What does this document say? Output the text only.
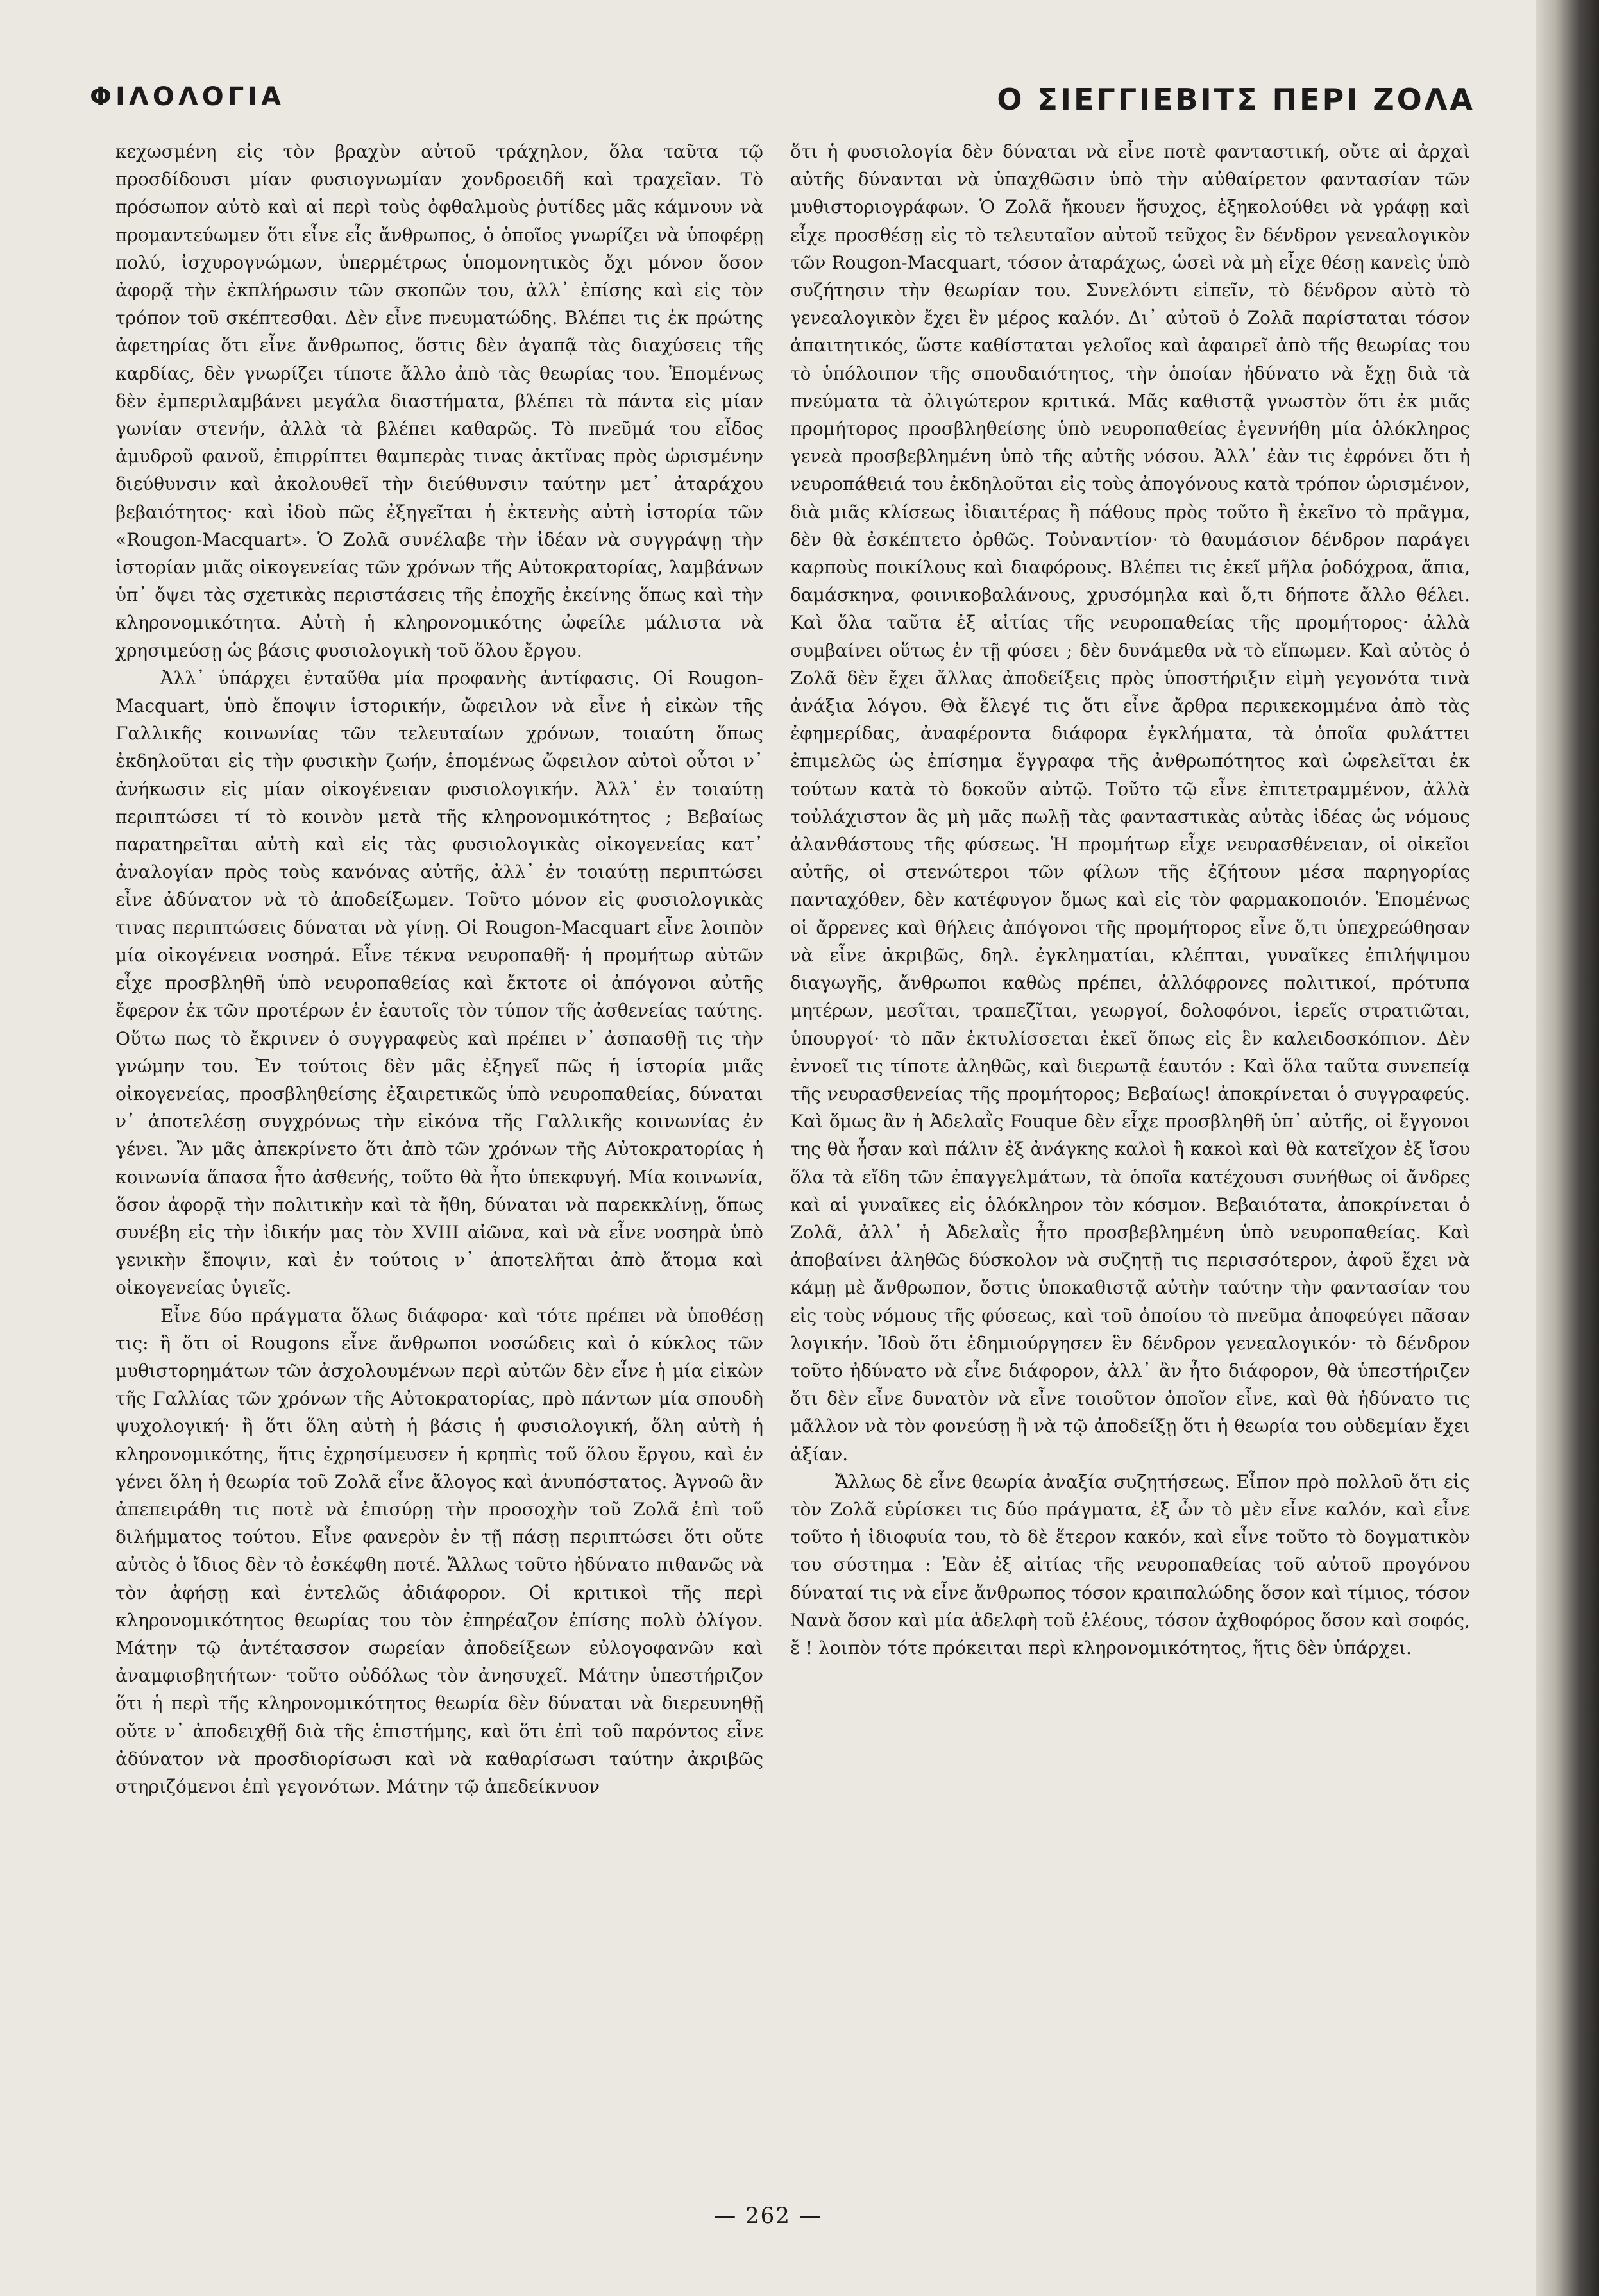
ΦΙΛΟΛΟΓΙΑ	Ο ΣΙΕΓΓΙΕΒΙΤΣ ΠΕΡΙ ΖΟΛΑ

κεχωσμένη εἰς τὸν βραχὺν αὐτοῦ τράχηλον, ὅλα ταῦτα τῷ προσδίδουσι μίαν φυσιογνωμίαν χονδροειδῆ καὶ τραχεῖαν. Τὸ πρόσωπον αὐτὸ καὶ αἱ περὶ τοὺς ὀφθαλμοὺς ῥυτίδες μᾶς κάμνουν νὰ προμαντεύωμεν ὅτι εἶνε εἷς ἄνθρωπος, ὁ ὁποῖος γνωρίζει νὰ ὑποφέρῃ πολύ, ἰσχυρογνώμων, ὑπερμέτρως ὑπομονητικὸς ὄχι μόνον ὅσον ἀφορᾷ τὴν ἐκπλήρωσιν τῶν σκοπῶν του, ἀλλ᾽ ἐπίσης καὶ εἰς τὸν τρόπον τοῦ σκέπτεσθαι. Δὲν εἶνε πνευματώδης. Βλέπει τις ἐκ πρώτης ἀφετηρίας ὅτι εἶνε ἄνθρωπος, ὅστις δὲν ἀγαπᾷ τὰς διαχύσεις τῆς καρδίας, δὲν γνωρίζει τίποτε ἄλλο ἀπὸ τὰς θεωρίας του. Ἑπομένως δὲν ἐμπεριλαμβάνει μεγάλα διαστήματα, βλέπει τὰ πάντα εἰς μίαν γωνίαν στενήν, ἀλλὰ τὰ βλέπει καθαρῶς. Τὸ πνεῦμά του εἶδος ἀμυδροῦ φανοῦ, ἐπιρρίπτει θαμπερὰς τινας ἀκτῖνας πρὸς ὡρισμένην διεύθυνσιν καὶ ἀκολουθεῖ τὴν διεύθυνσιν ταύτην μετ᾽ ἀταράχου βεβαιότητος· καὶ ἰδοὺ πῶς ἐξηγεῖται ἡ ἐκτενὴς αὐτὴ ἱστορία τῶν «Rougon-Macquart». Ὁ Ζολᾶ συνέλαβε τὴν ἰδέαν νὰ συγγράψῃ τὴν ἱστορίαν μιᾶς οἰκογενείας τῶν χρόνων τῆς Αὐτοκρατορίας, λαμβάνων ὑπ᾽ ὄψει τὰς σχετικὰς περιστάσεις τῆς ἐποχῆς ἐκείνης ὅπως καὶ τὴν κληρονομικότητα. Αὐτὴ ἡ κληρονομικότης ὠφείλε μάλιστα νὰ χρησιμεύσῃ ὡς βάσις φυσιολογικὴ τοῦ ὅλου ἔργου.

Ἀλλ᾽ ὑπάρχει ἐνταῦθα μία προφανὴς ἀντίφασις. Οἱ Rougon-Macquart, ὑπὸ ἔποψιν ἱστορικήν, ὤφειλον νὰ εἶνε ἡ εἰκὼν τῆς Γαλλικῆς κοινωνίας τῶν τελευταίων χρόνων, τοιαύτη ὅπως ἐκδηλοῦται εἰς τὴν φυσικὴν ζωήν, ἑπομένως ὤφειλον αὐτοὶ οὗτοι ν᾽ ἀνήκωσιν εἰς μίαν οἰκογένειαν φυσιολογικήν. Ἀλλ᾽ ἐν τοιαύτῃ περιπτώσει τί τὸ κοινὸν μετὰ τῆς κληρονομικότητος ; Βεβαίως παρατηρεῖται αὐτὴ καὶ εἰς τὰς φυσιολογικὰς οἰκογενείας κατ᾽ ἀναλογίαν πρὸς τοὺς κανόνας αὐτῆς, ἀλλ᾽ ἐν τοιαύτῃ περιπτώσει εἶνε ἀδύνατον νὰ τὸ ἀποδείξωμεν. Τοῦτο μόνον εἰς φυσιολογικὰς τινας περιπτώσεις δύναται νὰ γίνῃ. Οἱ Rougon-Macquart εἶνε λοιπὸν μία οἰκογένεια νοσηρά. Εἶνε τέκνα νευροπαθῆ· ἡ προμήτωρ αὐτῶν εἶχε προσβληθῆ ὑπὸ νευροπαθείας καὶ ἔκτοτε οἱ ἀπόγονοι αὐτῆς ἔφερον ἐκ τῶν προτέρων ἐν ἑαυτοῖς τὸν τύπον τῆς ἀσθενείας ταύτης. Οὕτω πως τὸ ἔκρινεν ὁ συγγραφεὺς καὶ πρέπει ν᾽ ἀσπασθῇ τις τὴν γνώμην του. Ἐν τούτοις δὲν μᾶς ἐξηγεῖ πῶς ἡ ἱστορία μιᾶς οἰκογενείας, προσβληθείσης ἐξαιρετικῶς ὑπὸ νευροπαθείας, δύναται ν᾽ ἀποτελέσῃ συγχρόνως τὴν εἰκόνα τῆς Γαλλικῆς κοινωνίας ἐν γένει. Ἂν μᾶς ἀπεκρίνετο ὅτι ἀπὸ τῶν χρόνων τῆς Αὐτοκρατορίας ἡ κοινωνία ἅπασα ἦτο ἀσθενής, τοῦτο θὰ ἦτο ὑπεκφυγή. Μία κοινωνία, ὅσον ἀφορᾷ τὴν πολιτικὴν καὶ τὰ ἤθη, δύναται νὰ παρεκκλίνῃ, ὅπως συνέβη εἰς τὴν ἰδικήν μας τὸν XVIII αἰῶνα, καὶ νὰ εἶνε νοσηρὰ ὑπὸ γενικὴν ἔποψιν, καὶ ἐν τούτοις ν᾽ ἀποτελῆται ἀπὸ ἄτομα καὶ οἰκογενείας ὑγιεῖς.

Εἶνε δύο πράγματα ὅλως διάφορα· καὶ τότε πρέπει νὰ ὑποθέσῃ τις: ἢ ὅτι οἱ Rougons εἶνε ἄνθρωποι νοσώδεις καὶ ὁ κύκλος τῶν μυθιστορημάτων τῶν ἀσχολουμένων περὶ αὐτῶν δὲν εἶνε ἡ μία εἰκὼν τῆς Γαλλίας τῶν χρόνων τῆς Αὐτοκρατορίας, πρὸ πάντων μία σπουδὴ ψυχολογική· ἢ ὅτι ὅλη αὐτὴ ἡ βάσις ἡ φυσιολογική, ὅλη αὐτὴ ἡ κληρονομικότης, ἥτις ἐχρησίμευσεν ἡ κρηπὶς τοῦ ὅλου ἔργου, καὶ ἐν γένει ὅλη ἡ θεωρία τοῦ Ζολᾶ εἶνε ἄλογος καὶ ἀνυπόστατος. Ἀγνοῶ ἂν ἀπεπειράθη τις ποτὲ νὰ ἐπισύρῃ τὴν προσοχὴν τοῦ Ζολᾶ ἐπὶ τοῦ διλήμματος τούτου. Εἶνε φανερὸν ἐν τῇ πάσῃ περιπτώσει ὅτι οὔτε αὐτὸς ὁ ἴδιος δὲν τὸ ἐσκέφθη ποτέ. Ἄλλως τοῦτο ἠδύνατο πιθανῶς νὰ τὸν ἀφήσῃ καὶ ἐντελῶς ἀδιάφορον. Οἱ κριτικοὶ τῆς περὶ κληρονομικότητος θεωρίας του τὸν ἐπηρέαζον ἐπίσης πολὺ ὀλίγον. Μάτην τῷ ἀντέτασσον σωρείαν ἀποδείξεων εὐλογοφανῶν καὶ ἀναμφισβητήτων· τοῦτο οὐδόλως τὸν ἀνησυχεῖ. Μάτην ὑπεστήριζον ὅτι ἡ περὶ τῆς κληρονομικότητος θεωρία δὲν δύναται νὰ διερευνηθῇ οὔτε ν᾽ ἀποδειχθῇ διὰ τῆς ἐπιστήμης, καὶ ὅτι ἐπὶ τοῦ παρόντος εἶνε ἀδύνατον νὰ προσδιορίσωσι καὶ νὰ καθαρίσωσι ταύτην ἀκριβῶς στηριζόμενοι ἐπὶ γεγονότων. Μάτην τῷ ἀπεδείκνυον

ὅτι ἡ φυσιολογία δὲν δύναται νὰ εἶνε ποτὲ φανταστική, οὔτε αἱ ἀρχαὶ αὐτῆς δύνανται νὰ ὑπαχθῶσιν ὑπὸ τὴν αὐθαίρετον φαντασίαν τῶν μυθιστοριογράφων. Ὁ Ζολᾶ ἤκουεν ἥσυχος, ἐξηκολούθει νὰ γράφῃ καὶ εἶχε προσθέσῃ εἰς τὸ τελευταῖον αὐτοῦ τεῦχος ἓν δένδρον γενεαλογικὸν τῶν Rougon-Macquart, τόσον ἀταράχως, ὡσεὶ νὰ μὴ εἶχε θέσῃ κανεὶς ὑπὸ συζήτησιν τὴν θεωρίαν του. Συνελόντι εἰπεῖν, τὸ δένδρον αὐτὸ τὸ γενεαλογικὸν ἔχει ἓν μέρος καλόν. Δι᾽ αὐτοῦ ὁ Ζολᾶ παρίσταται τόσον ἀπαιτητικός, ὥστε καθίσταται γελοῖος καὶ ἀφαιρεῖ ἀπὸ τῆς θεωρίας του τὸ ὑπόλοιπον τῆς σπουδαιότητος, τὴν ὁποίαν ἠδύνατο νὰ ἔχῃ διὰ τὰ πνεύματα τὰ ὀλιγώτερον κριτικά. Μᾶς καθιστᾷ γνωστὸν ὅτι ἐκ μιᾶς προμήτορος προσβληθείσης ὑπὸ νευροπαθείας ἐγεννήθη μία ὁλόκληρος γενεὰ προσβεβλημένη ὑπὸ τῆς αὐτῆς νόσου. Ἀλλ᾽ ἐὰν τις ἐφρόνει ὅτι ἡ νευροπάθειά του ἐκδηλοῦται εἰς τοὺς ἀπογόνους κατὰ τρόπον ὡρισμένον, διὰ μιᾶς κλίσεως ἰδιαιτέρας ἢ πάθους πρὸς τοῦτο ἢ ἐκεῖνο τὸ πρᾶγμα, δὲν θὰ ἐσκέπτετο ὀρθῶς. Τοὐναντίον· τὸ θαυμάσιον δένδρον παράγει καρποὺς ποικίλους καὶ διαφόρους. Βλέπει τις ἐκεῖ μῆλα ῥοδόχροα, ἄπια, δαμάσκηνα, φοινικοβαλάνους, χρυσόμηλα καὶ ὅ,τι δήποτε ἄλλο θέλει. Καὶ ὅλα ταῦτα ἐξ αἰτίας τῆς νευροπαθείας τῆς προμήτορος· ἀλλὰ συμβαίνει οὕτως ἐν τῇ φύσει ; δὲν δυνάμεθα νὰ τὸ εἴπωμεν. Καὶ αὐτὸς ὁ Ζολᾶ δὲν ἔχει ἄλλας ἀποδείξεις πρὸς ὑποστήριξιν εἰμὴ γεγονότα τινὰ ἀνάξια λόγου. Θὰ ἔλεγέ τις ὅτι εἶνε ἄρθρα περικεκομμένα ἀπὸ τὰς ἐφημερίδας, ἀναφέροντα διάφορα ἐγκλήματα, τὰ ὁποῖα φυλάττει ἐπιμελῶς ὡς ἐπίσημα ἔγγραφα τῆς ἀνθρωπότητος καὶ ὠφελεῖται ἐκ τούτων κατὰ τὸ δοκοῦν αὐτῷ. Τοῦτο τῷ εἶνε ἐπιτετραμμένον, ἀλλὰ τοὐλάχιστον ἃς μὴ μᾶς πωλῇ τὰς φανταστικὰς αὐτὰς ἰδέας ὡς νόμους ἀλανθάστους τῆς φύσεως. Ἡ προμήτωρ εἶχε νευρασθένειαν, οἱ οἰκεῖοι αὐτῆς, οἱ στενώτεροι τῶν φίλων τῆς ἐζήτουν μέσα παρηγορίας πανταχόθεν, δὲν κατέφυγον ὅμως καὶ εἰς τὸν φαρμακοποιόν. Ἑπομένως οἱ ἄρρενες καὶ θήλεις ἀπόγονοι τῆς προμήτορος εἶνε ὅ,τι ὑπεχρεώθησαν νὰ εἶνε ἀκριβῶς, δηλ. ἐγκληματίαι, κλέπται, γυναῖκες ἐπιλήψιμου διαγωγῆς, ἄνθρωποι καθὼς πρέπει, ἀλλόφρονες πολιτικοί, πρότυπα μητέρων, μεσῖται, τραπεζῖται, γεωργοί, δολοφόνοι, ἱερεῖς στρατιῶται, ὑπουργοί· τὸ πᾶν ἐκτυλίσσεται ἐκεῖ ὅπως εἰς ἓν καλειδοσκόπιον. Δὲν ἐννοεῖ τις τίποτε ἀληθῶς, καὶ διερωτᾷ ἑαυτόν : Καὶ ὅλα ταῦτα συνεπείᾳ τῆς νευρασθενείας τῆς προμήτορος; Βεβαίως! ἀποκρίνεται ὁ συγγραφεύς. Καὶ ὅμως ἂν ἡ Ἀδελαῒς Fouque δὲν εἶχε προσβληθῆ ὑπ᾽ αὐτῆς, οἱ ἔγγονοι της θὰ ἦσαν καὶ πάλιν ἐξ ἀνάγκης καλοὶ ἢ κακοὶ καὶ θὰ κατεῖχον ἐξ ἴσου ὅλα τὰ εἴδη τῶν ἐπαγγελμάτων, τὰ ὁποῖα κατέχουσι συνήθως οἱ ἄνδρες καὶ αἱ γυναῖκες εἰς ὁλόκληρον τὸν κόσμον. Βεβαιότατα, ἀποκρίνεται ὁ Ζολᾶ, ἀλλ᾽ ἡ Ἀδελαῒς ἦτο προσβεβλημένη ὑπὸ νευροπαθείας. Καὶ ἀποβαίνει ἀληθῶς δύσκολον νὰ συζητῇ τις περισσότερον, ἀφοῦ ἔχει νὰ κάμῃ μὲ ἄνθρωπον, ὅστις ὑποκαθιστᾷ αὐτὴν ταύτην τὴν φαντασίαν του εἰς τοὺς νόμους τῆς φύσεως, καὶ τοῦ ὁποίου τὸ πνεῦμα ἀποφεύγει πᾶσαν λογικήν. Ἰδοὺ ὅτι ἐδημιούργησεν ἓν δένδρον γενεαλογικόν· τὸ δένδρον τοῦτο ἠδύνατο νὰ εἶνε διάφορον, ἀλλ᾽ ἂν ἦτο διάφορον, θὰ ὑπεστήριζεν ὅτι δὲν εἶνε δυνατὸν νὰ εἶνε τοιοῦτον ὁποῖον εἶνε, καὶ θὰ ἠδύνατο τις μᾶλλον νὰ τὸν φονεύσῃ ἢ νὰ τῷ ἀποδείξῃ ὅτι ἡ θεωρία του οὐδεμίαν ἔχει ἀξίαν.

Ἄλλως δὲ εἶνε θεωρία ἀναξία συζητήσεως. Εἶπον πρὸ πολλοῦ ὅτι εἰς τὸν Ζολᾶ εὑρίσκει τις δύο πράγματα, ἐξ ὧν τὸ μὲν εἶνε καλόν, καὶ εἶνε τοῦτο ἡ ἰδιοφυία του, τὸ δὲ ἕτερον κακόν, καὶ εἶνε τοῦτο τὸ δογματικὸν του σύστημα : Ἐὰν ἐξ αἰτίας τῆς νευροπαθείας τοῦ αὐτοῦ προγόνου δύναταί τις νὰ εἶνε ἄνθρωπος τόσον κραιπαλώδης ὅσον καὶ τίμιος, τόσον Νανὰ ὅσον καὶ μία ἀδελφὴ τοῦ ἐλέους, τόσον ἀχθοφόρος ὅσον καὶ σοφός, ἔ ! λοιπὸν τότε πρόκειται περὶ κληρονομικότητος, ἥτις δὲν ὑπάρχει.

— 262 —
